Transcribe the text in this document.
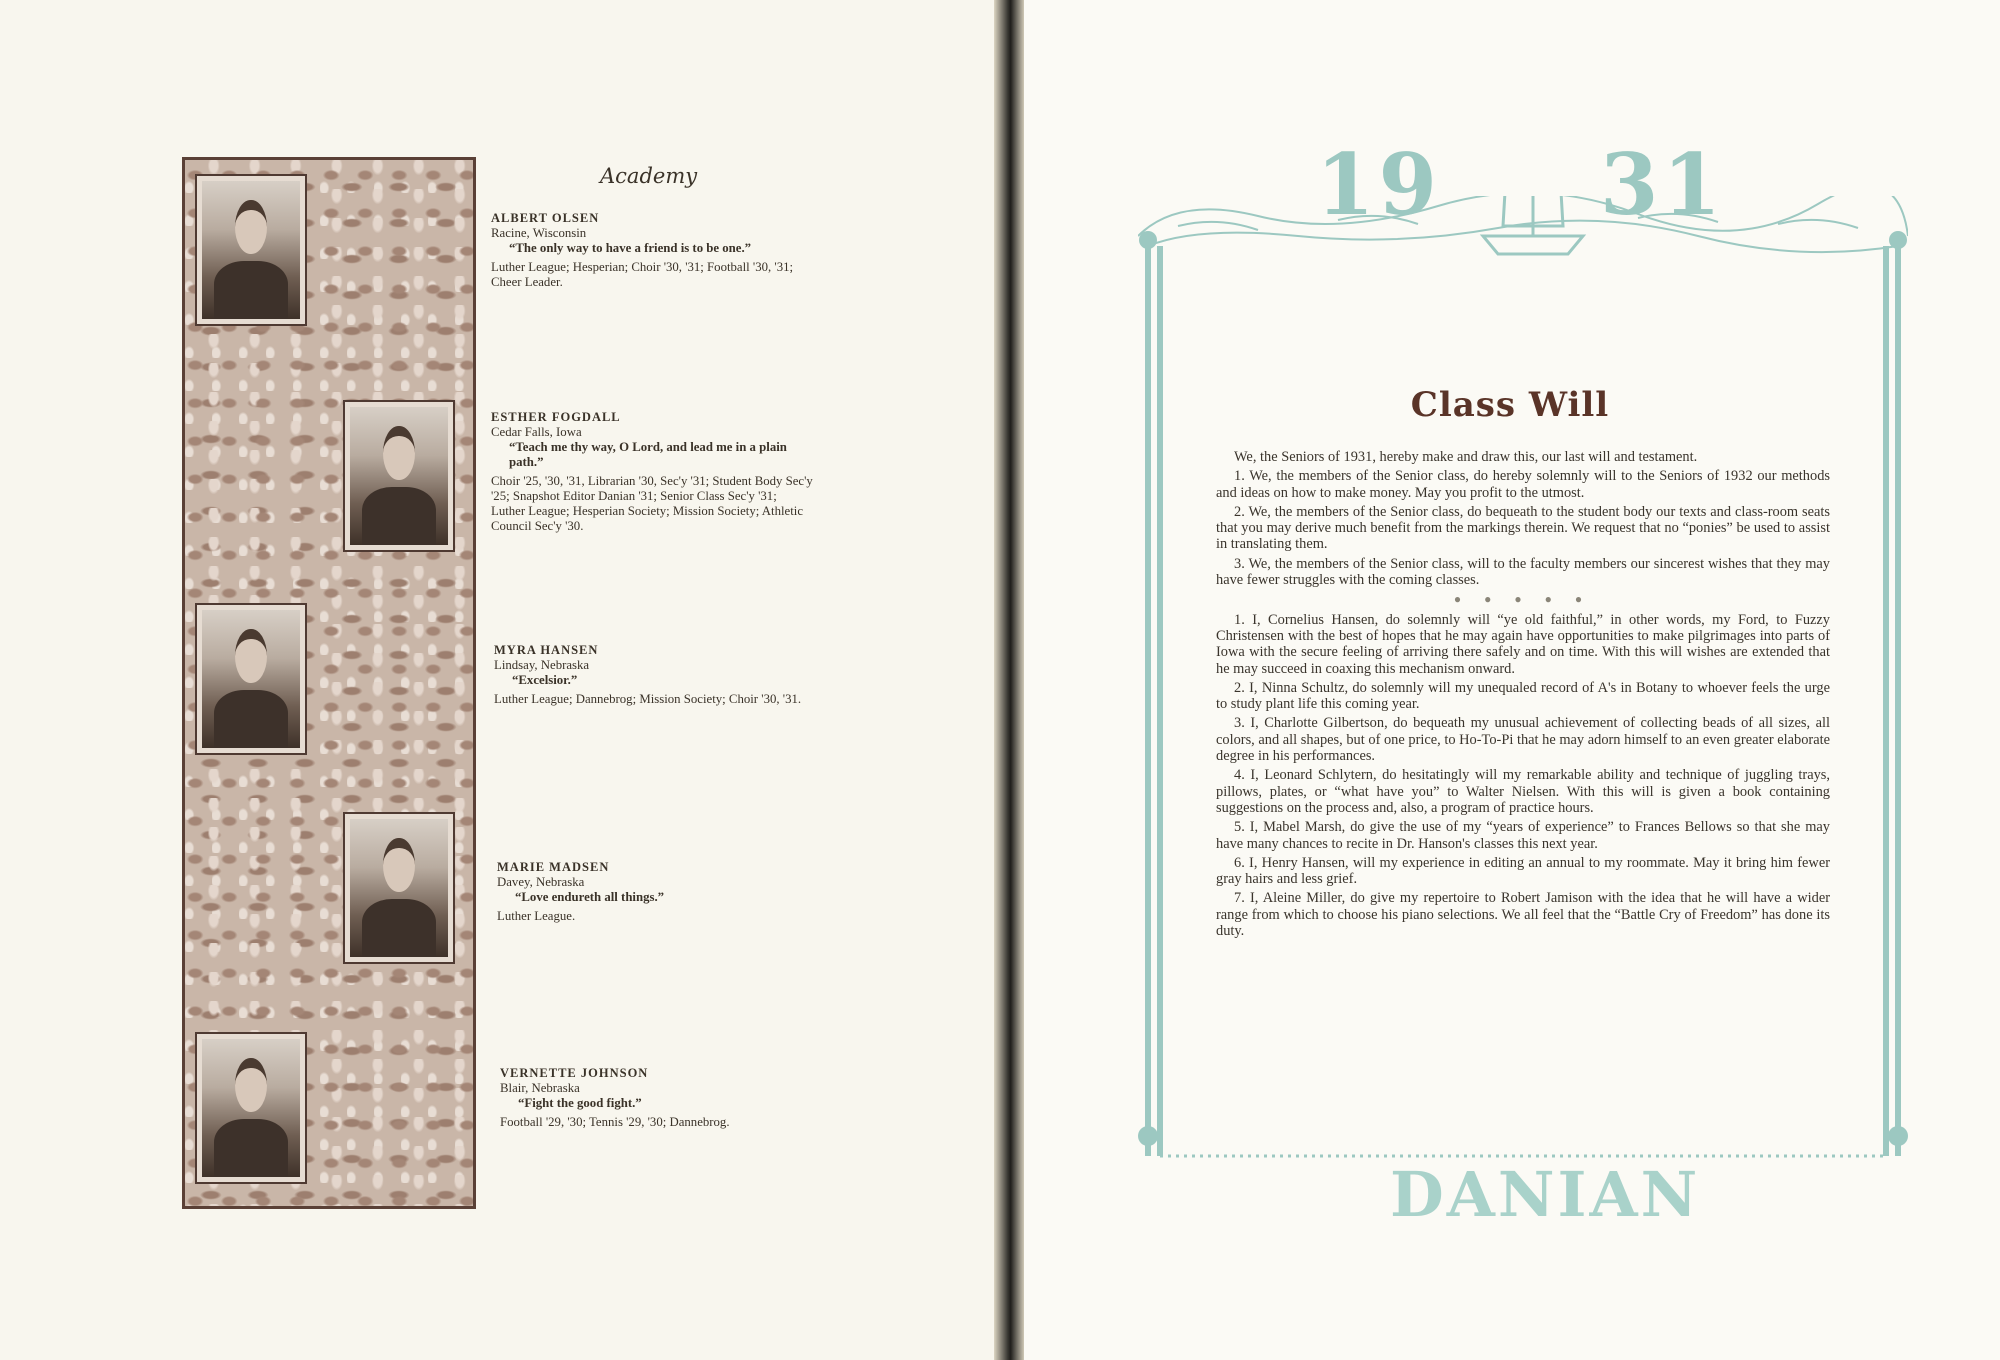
Academy
ALBERT OLSEN
Racine, Wisconsin
“The only way to have a friend is to be one.”
Luther League; Hesperian; Choir '30, '31; Football '30, '31; Cheer Leader.
ESTHER FOGDALL
Cedar Falls, Iowa
“Teach me thy way, O Lord, and lead me in a plain path.”
Choir '25, '30, '31, Librarian '30, Sec'y '31; Student Body Sec'y '25; Snapshot Editor Danian '31; Senior Class Sec'y '31; Luther League; Hesperian Society; Mission Society; Athletic Council Sec'y '30.
MYRA HANSEN
Lindsay, Nebraska
“Excelsior.”
Luther League; Dannebrog; Mission Society; Choir '30, '31.
MARIE MADSEN
Davey, Nebraska
“Love endureth all things.”
Luther League.
VERNETTE JOHNSON
Blair, Nebraska
“Fight the good fight.”
Football '29, '30; Tennis '29, '30; Dannebrog.
19 31
Class Will

We, the Seniors of 1931, hereby make and draw this, our last will and testament.

1. We, the members of the Senior class, do hereby solemnly will to the Seniors of 1932 our methods and ideas on how to make money. May you profit to the utmost.

2. We, the members of the Senior class, do bequeath to the student body our texts and class-room seats that you may derive much benefit from the markings therein. We request that no “ponies” be used to assist in translating them.

3. We, the members of the Senior class, will to the faculty members our sincerest wishes that they may have fewer struggles with the coming classes.

● ● ● ● ●

1. I, Cornelius Hansen, do solemnly will “ye old faithful,” in other words, my Ford, to Fuzzy Christensen with the best of hopes that he may again have opportunities to make pilgrimages into parts of Iowa with the secure feeling of arriving there safely and on time. With this will wishes are extended that he may succeed in coaxing this mechanism onward.

2. I, Ninna Schultz, do solemnly will my unequaled record of A's in Botany to whoever feels the urge to study plant life this coming year.

3. I, Charlotte Gilbertson, do bequeath my unusual achievement of collecting beads of all sizes, all colors, and all shapes, but of one price, to Ho-To-Pi that he may adorn himself to an even greater elaborate degree in his performances.

4. I, Leonard Schlytern, do hesitatingly will my remarkable ability and technique of juggling trays, pillows, plates, or “what have you” to Walter Nielsen. With this will is given a book containing suggestions on the process and, also, a program of practice hours.

5. I, Mabel Marsh, do give the use of my “years of experience” to Frances Bellows so that she may have many chances to recite in Dr. Hanson's classes this next year.

6. I, Henry Hansen, will my experience in editing an annual to my roommate. May it bring him fewer gray hairs and less grief.

7. I, Aleine Miller, do give my repertoire to Robert Jamison with the idea that he will have a wider range from which to choose his piano selections. We all feel that the “Battle Cry of Freedom” has done its duty.

DANIAN
